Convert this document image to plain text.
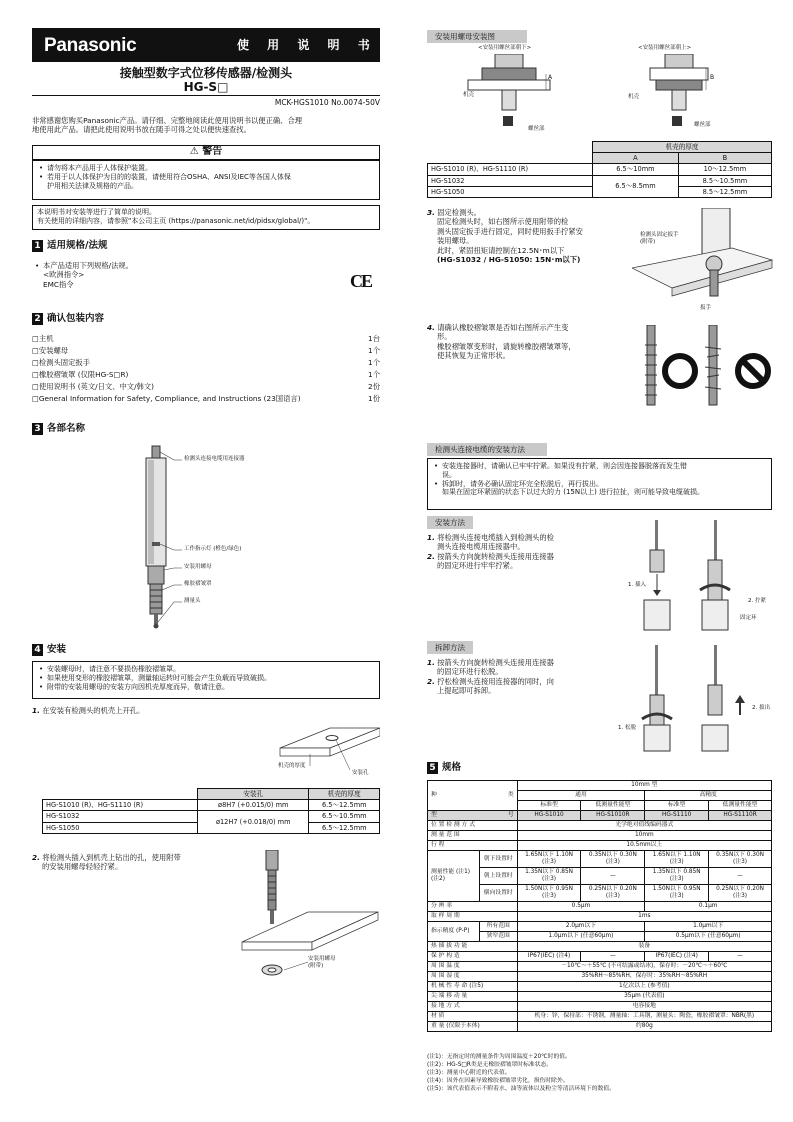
Panasonic	使 用 说 明 书
接触型数字式位移传感器/检测头
HG-S□
MCK-HGS1010 No.0074-50V
非常感谢您购买Panasonic产品。请仔细、完整地阅读此使用说明书以便正确、合理
地使用此产品。请把此使用说明书放在随手可得之处以便快速查找。
⚠ 警告
• 请勿将本产品用于人体保护装置。
• 若用于以人体保护为目的的装置，请使用符合OSHA、ANSI及IEC等各国人体保
护用相关法律及规格的产品。
本说明书对安装等进行了简单的说明。
有关使用的详细内容，请参照"本公司主页 (https://panasonic.net/id/pidsx/global/)"。
1 适用规格/法规
• 本产品适用下列规格/法规。
<欧洲指令>
EMC指令	CE
2 确认包装内容
□主机	1台
□安装螺母	1个
□检测头固定扳手	1个
□橡胶褶皱罩 (仅限HG-S□R)	1个
□使用说明书 (英文/日文、中文/韩文)	2份
□General Information for Safety, Compliance, and Instructions (23国语言)	1份
3 各部名称
检测头连接电缆用连接器
工作指示灯 (橙色/绿色)
安装用螺母
橡胶褶皱罩
测量头
4 安装
• 安装螺母时，请注意不要损伤橡胶褶皱罩。
• 如果使用变形的橡胶褶皱罩，测量轴运转时可能会产生负载而导致破损。
• 附带的安装用螺母的安装方向因机壳厚度而异，敬请注意。
1. 在安装有检测头的机壳上开孔。
机壳的厚度
安装孔
	安装孔	机壳的厚度
HG-S1010 (R)、HG-S1110 (R)	ø8H7 (+0.015/0) mm	6.5～12.5mm
HG-S1032	ø12H7 (+0.018/0) mm	6.5～10.5mm
HG-S1050		6.5～12.5mm
2. 将检测头插入到机壳上钻出的孔，使用附带
的安装用螺母轻轻拧紧。
安装用螺母
(附带)
安装用螺母安装图
<安装用螺丝部朝下>	<安装用螺丝部朝上>
A	B
机壳	机壳
螺丝部
螺丝部
	机壳的厚度	
	A	B
HG-S1010 (R)、HG-S1110 (R)	6.5～10mm	10～12.5mm
HG-S1032	6.5～8.5mm	8.5～10.5mm
HG-S1050		8.5～12.5mm
3. 固定检测头。
固定检测头时，如右图所示使用附带的检
测头固定扳手进行固定，同时使用扳手拧紧安
装用螺母。
此时，紧固扭矩请控制在12.5N･m以下
(HG-S1032 / HG-S1050: 15N･m以下)
检测头固定扳手
(附带)
扳手
4. 请确认橡胶褶皱罩是否如右图所示产生变
形。
橡胶褶皱罩变形时，请旋转橡胶褶皱罩等，
使其恢复为正常形状。
检测头连接电缆的安装方法
• 安装连接器时，请确认已牢牢拧紧。如果没有拧紧，则会因连接器脱落而发生错
误。
• 拆卸时，请务必确认固定环完全松脱后，再行拔出。
如果在固定环紧固的状态下以过大的力 (15N以上) 进行拉扯，则可能导致电缆破损。
安装方法
1. 将检测头连接电缆插入到检测头的检
测头连接电缆用连接器中。
2. 按箭头方向旋转检测头连接用连接器
的固定环进行牢牢拧紧。
1. 插入
2. 拧紧
固定环
拆卸方法
1. 按箭头方向旋转检测头连接用连接器
的固定环进行松脱。
2. 拧松检测头连接用连接器的同时，向
上提起即可拆卸。
1. 松脱
2. 拔出
5 规格
种 类		10mm 型			
		通用		高精度	
		标准型	低测量性能型	标准型	低测量性能型
型 号		HG-S1010	HG-S1010R	HG-S1110	HG-S1110R
位 置 检 测 方 式		光学绝对值线编码器式			
测 量 范 围		10mm			
行 程		10.5mm以上			
测量性能 (注1) (注2)	朝下设置时	1.65N以下 1.10N (注3)	0.35N以下 0.30N (注3)	1.65N以下 1.10N (注3)	0.35N以下 0.30N (注3)
	朝上设置时	1.35N以下 0.85N (注3)	—	1.35N以下 0.85N (注3)	—
	横向设置时	1.50N以下 0.95N (注3)	0.25N以下 0.20N (注3)	1.50N以下 0.95N (注3)	0.25N以下 0.20N (注3)
分 辨 率		0.5μm		0.1μm	
取 样 周 期		1ms			
指示精度 (P-P)	所有范围	2.0μm以下		1.0μm以下	
	狭窄范围	1.0μm以下 (任意60μm)		0.5μm以下 (任意60μm)	
热 插 拔 功 能		装备			
保 护 构 造		IP67(IEC) (注4)	—	IP67(IEC) (注4)	—
周 围 温 度		－10℃～＋55℃ (不可结露或结冰)，保存时：－20℃～＋60℃			
周 围 湿 度		35%RH～85%RH，保存时：35%RH～85%RH			
机 械 性 寿 命 (注5)		1亿次以上 (参考值)			
尖 端 移 动 量		35μm (代表值)			
接 地 方 式		电容接地			
材 质		机身：锌，保持部：不锈钢，测量轴：工具钢，测量头：陶瓷，橡胶褶皱罩：NBR(黑)			
重 量 (仅限于本体)		约80g			
(注1)：无指定时的测量条件为周围温度＋20℃时的值。
(注2)：HG-S□R类是无橡胶褶皱罩时标准状态。
(注3)：测量中心附近的代表值。
(注4)：因外在因素导致橡胶褶皱罩劣化，损伤时除外。
(注5)：该代表值表示不附着水、油等液体以及粉尘等清洁环境下的数值。
